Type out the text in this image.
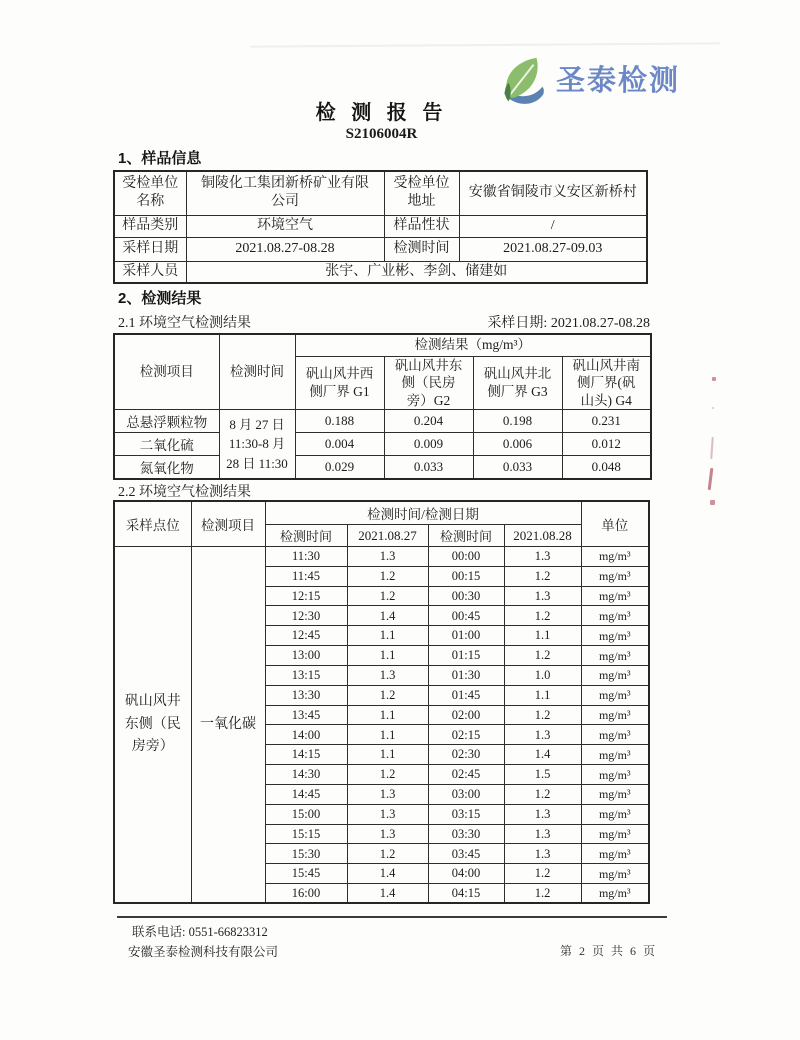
圣泰检测
检 测 报 告
S2106004R
1、样品信息
受检单位名称	铜陵化工集团新桥矿业有限公司	受检单位地址	安徽省铜陵市义安区新桥村
样品类别	环境空气	样品性状	/
采样日期	2021.08.27-08.28	检测时间	2021.08.27-09.03
采样人员	张宇、广业彬、李剑、储建如		
2、检测结果
2.1 环境空气检测结果	采样日期: 2021.08.27-08.28
检测项目	检测时间	检测结果（mg/m³）			
		矾山风井西侧厂界 G1	矾山风井东侧（民房旁）G2	矾山风井北侧厂界 G3	矾山风井南侧厂界(矾山头) G4
总悬浮颗粒物	8 月 27 日 11:30-8 月 28 日 11:30	0.188	0.204	0.198	0.231
二氧化硫		0.004	0.009	0.006	0.012
氮氧化物		0.029	0.033	0.033	0.048
2.2 环境空气检测结果
采样点位	检测项目	检测时间/检测日期				单位
		检测时间	2021.08.27	检测时间	2021.08.28	
矾山风井东侧（民房旁）	一氧化碳	11:30	1.3	00:00	1.3	mg/m³
		11:45	1.2	00:15	1.2	mg/m³
		12:15	1.2	00:30	1.3	mg/m³
		12:30	1.4	00:45	1.2	mg/m³
		12:45	1.1	01:00	1.1	mg/m³
		13:00	1.1	01:15	1.2	mg/m³
		13:15	1.3	01:30	1.0	mg/m³
		13:30	1.2	01:45	1.1	mg/m³
		13:45	1.1	02:00	1.2	mg/m³
		14:00	1.1	02:15	1.3	mg/m³
		14:15	1.1	02:30	1.4	mg/m³
		14:30	1.2	02:45	1.5	mg/m³
		14:45	1.3	03:00	1.2	mg/m³
		15:00	1.3	03:15	1.3	mg/m³
		15:15	1.3	03:30	1.3	mg/m³
		15:30	1.2	03:45	1.3	mg/m³
		15:45	1.4	04:00	1.2	mg/m³
		16:00	1.4	04:15	1.2	mg/m³
联系电话: 0551-66823312
安徽圣泰检测科技有限公司	第 2 页 共 6 页
